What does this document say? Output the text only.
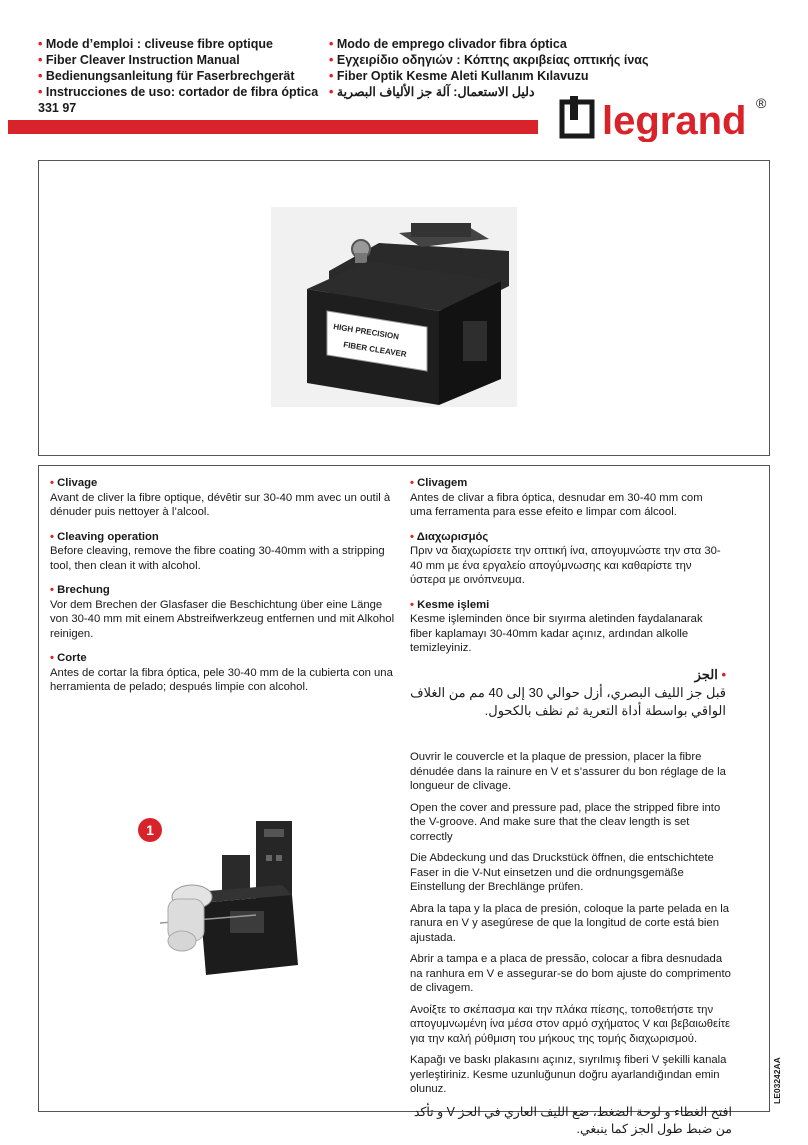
• Mode d’emploi : cliveuse fibre optique
• Fiber Cleaver Instruction Manual
• Bedienungsanleitung für Faserbrechgerät
• Instrucciones de uso: cortador de fibra óptica
331 97
• Modo de emprego clivador fibra óptica
• Εγχειρίδιο οδηγιών : Κόπτης ακριβείας οπτικής ίνας
• Fiber Optik Kesme Aleti Kullanım Kılavuzu
دليل الاستعمال: آلة جز الألياف البصرية •
legrand ®
HIGH PRECISION
FIBER CLEAVER
• Clivage

Avant de cliver la fibre optique, dévêtir sur 30-40 mm avec un outil à dénuder puis nettoyer à l’alcool.

• Cleaving operation

Before cleaving, remove the fibre coating 30-40mm with a stripping tool, then clean it with alcohol.

• Brechung

Vor dem Brechen der Glasfaser die Beschichtung über eine Länge von 30-40 mm mit einem Abstreifwerkzeug entfernen und mit Alkohol reinigen.

• Corte

Antes de cortar la fibra óptica, pele 30-40 mm de la cubierta con una herramienta de pelado; después limpie con alcohol.

• Clivagem

Antes de clivar a fibra óptica, desnudar em 30-40 mm com uma ferramenta para esse efeito e limpar com álcool.

• Διαχωρισμός

Πριν να διαχωρίσετε την οπτική ίνα, απογυμνώστε την στα 30-40 mm με ένα εργαλείο απογύμνωσης και καθαρίστε την ύστερα με οινόπνευμα.

• Kesme işlemi

Kesme işleminden önce bir sıyırma aletinden faydalanarak fiber kaplamayı 30-40mm kadar açınız, ardından alkolle temizleyiniz.

• الجز

قبل جز الليف البصري، أزل حوالي 30 إلى 40 مم من الغلاف الواقي بواسطة أداة التعرية ثم نظف بالكحول.

1

Ouvrir le couvercle et la plaque de pression, placer la fibre dénudée dans la rainure en V et s’assurer du bon réglage de la longueur de clivage.

Open the cover and pressure pad, place the stripped fibre into the V-groove. And make sure that the cleav length is set correctly

Die Abdeckung und das Druckstück öffnen, die entschichtete Faser in die V-Nut einsetzen und die ordnungsgemäße Einstellung der Brechlänge prüfen.

Abra la tapa y la placa de presión, coloque la parte pelada en la ranura en V y asegúrese de que la longitud de corte está bien ajustada.

Abrir a tampa e a placa de pressão, colocar a fibra desnudada na ranhura em V e assegurar-se do bom ajuste do comprimento de clivagem.

Ανοίξτε το σκέπασμα και την πλάκα πίεσης, τοποθετήστε την απογυμνωμένη ίνα μέσα στον αρμό σχήματος V και βεβαιωθείτε για την καλή ρύθμιση του μήκους της τομής διαχωρισμού.

Kapağı ve baskı plakasını açınız, sıyrılmış fiberi V şekilli kanala yerleştiriniz. Kesme uzunluğunun doğru ayarlandığından emin olunuz.

افتح الغطاء و لوحة الضغط، ضع الليف العاري في الحز V و تأكد من ضبط طول الجز كما ينبغي.

LE03242AA
